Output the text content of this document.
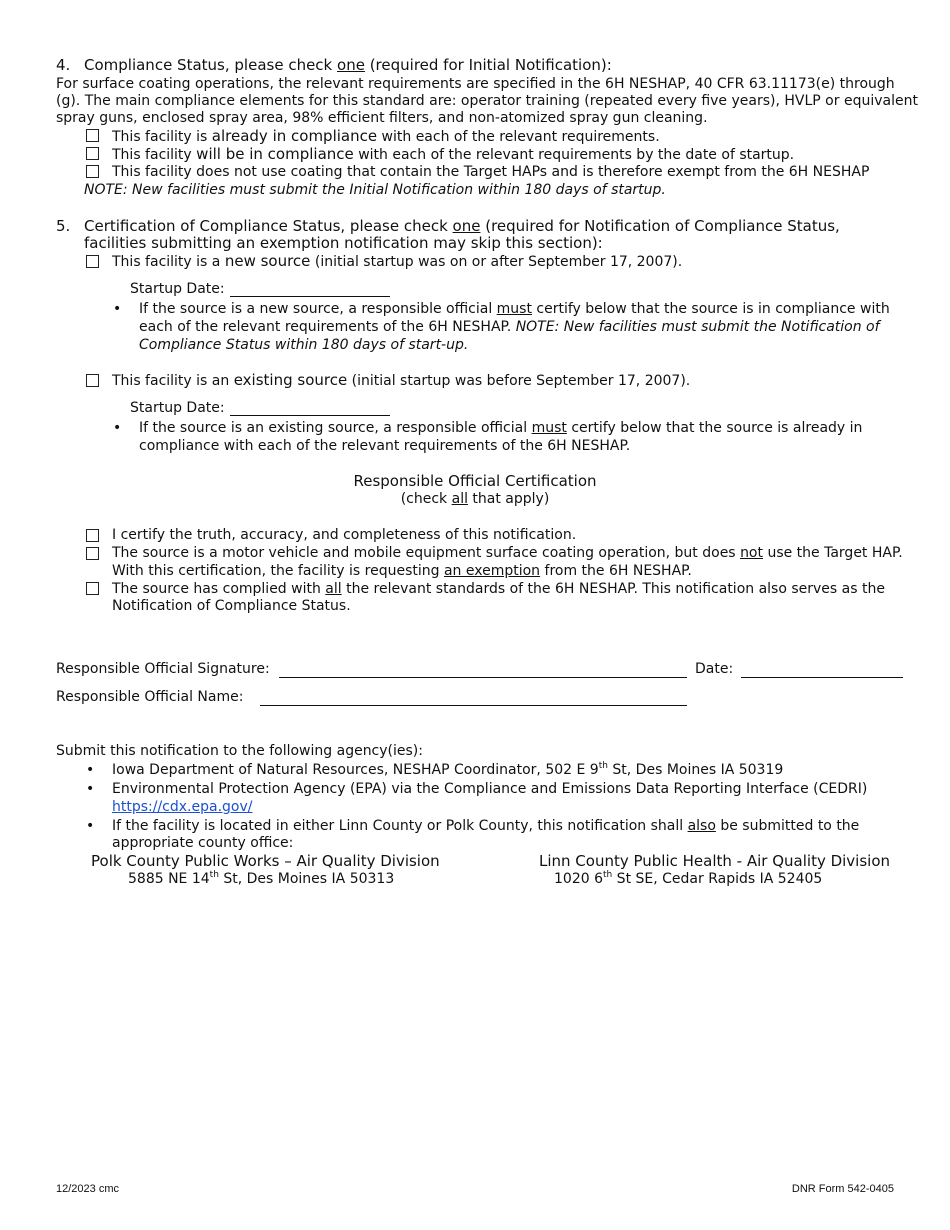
4. Compliance Status, please check one (required for Initial Notification):
For surface coating operations, the relevant requirements are specified in the 6H NESHAP, 40 CFR 63.11173(e) through
(g). The main compliance elements for this standard are: operator training (repeated every five years), HVLP or equivalent
spray guns, enclosed spray area, 98% efficient filters, and non-atomized spray gun cleaning.
This facility is already in compliance with each of the relevant requirements.
This facility will be in compliance with each of the relevant requirements by the date of startup.
This facility does not use coating that contain the Target HAPs and is therefore exempt from the 6H NESHAP
NOTE: New facilities must submit the Initial Notification within 180 days of startup.
5. Certification of Compliance Status, please check one (required for Notification of Compliance Status,
facilities submitting an exemption notification may skip this section):
This facility is a new source (initial startup was on or after September 17, 2007).
Startup Date:
• If the source is a new source, a responsible official must certify below that the source is in compliance with
each of the relevant requirements of the 6H NESHAP. NOTE: New facilities must submit the Notification of
Compliance Status within 180 days of start-up.
This facility is an existing source (initial startup was before September 17, 2007).
Startup Date:
• If the source is an existing source, a responsible official must certify below that the source is already in
compliance with each of the relevant requirements of the 6H NESHAP.
Responsible Official Certification
(check all that apply)
I certify the truth, accuracy, and completeness of this notification.
The source is a motor vehicle and mobile equipment surface coating operation, but does not use the Target HAP.
With this certification, the facility is requesting an exemption from the 6H NESHAP.
The source has complied with all the relevant standards of the 6H NESHAP. This notification also serves as the
Notification of Compliance Status.
Responsible Official Signature:	Date:
Responsible Official Name:
Submit this notification to the following agency(ies):
• Iowa Department of Natural Resources, NESHAP Coordinator, 502 E 9th St, Des Moines IA 50319
• Environmental Protection Agency (EPA) via the Compliance and Emissions Data Reporting Interface (CEDRI)
https://cdx.epa.gov/
• If the facility is located in either Linn County or Polk County, this notification shall also be submitted to the
appropriate county office:
Polk County Public Works – Air Quality Division
5885 NE 14th St, Des Moines IA 50313
Linn County Public Health - Air Quality Division
1020 6th St SE, Cedar Rapids IA 52405
12/2023 cmc	DNR Form 542-0405
